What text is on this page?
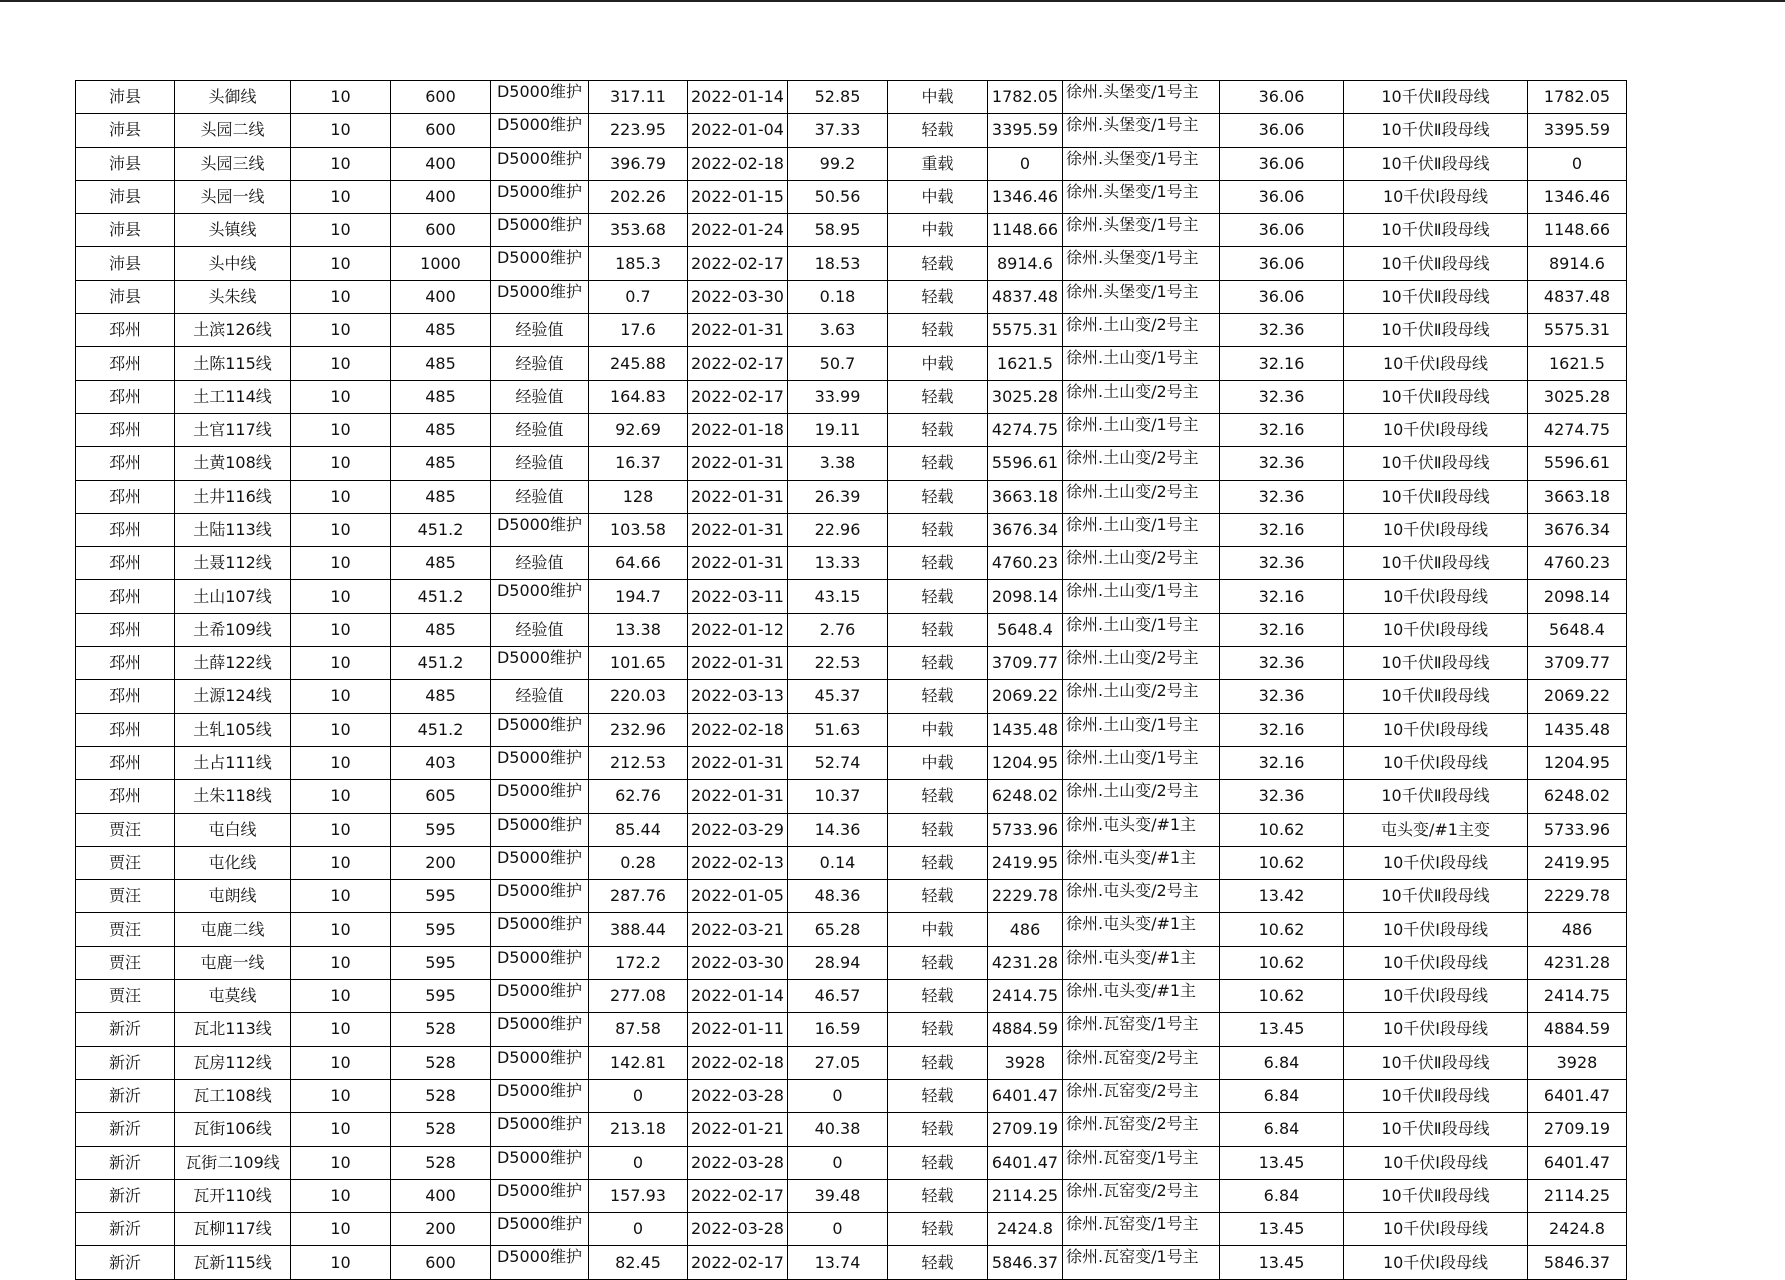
沛县	头御线	10	600	D5000维护	317.11	2022-01-14	52.85	中载	1782.05	徐州.头堡变/1号主	36.06	10千伏Ⅱ段母线	1782.05
沛县	头园二线	10	600	D5000维护	223.95	2022-01-04	37.33	轻载	3395.59	徐州.头堡变/1号主	36.06	10千伏Ⅱ段母线	3395.59
沛县	头园三线	10	400	D5000维护	396.79	2022-02-18	99.2	重载	0	徐州.头堡变/1号主	36.06	10千伏Ⅱ段母线	0
沛县	头园一线	10	400	D5000维护	202.26	2022-01-15	50.56	中载	1346.46	徐州.头堡变/1号主	36.06	10千伏Ⅰ段母线	1346.46
沛县	头镇线	10	600	D5000维护	353.68	2022-01-24	58.95	中载	1148.66	徐州.头堡变/1号主	36.06	10千伏Ⅱ段母线	1148.66
沛县	头中线	10	1000	D5000维护	185.3	2022-02-17	18.53	轻载	8914.6	徐州.头堡变/1号主	36.06	10千伏Ⅱ段母线	8914.6
沛县	头朱线	10	400	D5000维护	0.7	2022-03-30	0.18	轻载	4837.48	徐州.头堡变/1号主	36.06	10千伏Ⅱ段母线	4837.48
邳州	土滨126线	10	485	经验值	17.6	2022-01-31	3.63	轻载	5575.31	徐州.土山变/2号主	32.36	10千伏Ⅱ段母线	5575.31
邳州	土陈115线	10	485	经验值	245.88	2022-02-17	50.7	中载	1621.5	徐州.土山变/1号主	32.16	10千伏Ⅰ段母线	1621.5
邳州	土工114线	10	485	经验值	164.83	2022-02-17	33.99	轻载	3025.28	徐州.土山变/2号主	32.36	10千伏Ⅱ段母线	3025.28
邳州	土官117线	10	485	经验值	92.69	2022-01-18	19.11	轻载	4274.75	徐州.土山变/1号主	32.16	10千伏Ⅰ段母线	4274.75
邳州	土黄108线	10	485	经验值	16.37	2022-01-31	3.38	轻载	5596.61	徐州.土山变/2号主	32.36	10千伏Ⅱ段母线	5596.61
邳州	土井116线	10	485	经验值	128	2022-01-31	26.39	轻载	3663.18	徐州.土山变/2号主	32.36	10千伏Ⅱ段母线	3663.18
邳州	土陆113线	10	451.2	D5000维护	103.58	2022-01-31	22.96	轻载	3676.34	徐州.土山变/1号主	32.16	10千伏Ⅰ段母线	3676.34
邳州	土聂112线	10	485	经验值	64.66	2022-01-31	13.33	轻载	4760.23	徐州.土山变/2号主	32.36	10千伏Ⅱ段母线	4760.23
邳州	土山107线	10	451.2	D5000维护	194.7	2022-03-11	43.15	轻载	2098.14	徐州.土山变/1号主	32.16	10千伏Ⅰ段母线	2098.14
邳州	土希109线	10	485	经验值	13.38	2022-01-12	2.76	轻载	5648.4	徐州.土山变/1号主	32.16	10千伏Ⅰ段母线	5648.4
邳州	土薛122线	10	451.2	D5000维护	101.65	2022-01-31	22.53	轻载	3709.77	徐州.土山变/2号主	32.36	10千伏Ⅱ段母线	3709.77
邳州	土源124线	10	485	经验值	220.03	2022-03-13	45.37	轻载	2069.22	徐州.土山变/2号主	32.36	10千伏Ⅱ段母线	2069.22
邳州	土轧105线	10	451.2	D5000维护	232.96	2022-02-18	51.63	中载	1435.48	徐州.土山变/1号主	32.16	10千伏Ⅰ段母线	1435.48
邳州	土占111线	10	403	D5000维护	212.53	2022-01-31	52.74	中载	1204.95	徐州.土山变/1号主	32.16	10千伏Ⅰ段母线	1204.95
邳州	土朱118线	10	605	D5000维护	62.76	2022-01-31	10.37	轻载	6248.02	徐州.土山变/2号主	32.36	10千伏Ⅱ段母线	6248.02
贾汪	屯白线	10	595	D5000维护	85.44	2022-03-29	14.36	轻载	5733.96	徐州.屯头变/#1主	10.62	屯头变/#1主变	5733.96
贾汪	屯化线	10	200	D5000维护	0.28	2022-02-13	0.14	轻载	2419.95	徐州.屯头变/#1主	10.62	10千伏Ⅰ段母线	2419.95
贾汪	屯朗线	10	595	D5000维护	287.76	2022-01-05	48.36	轻载	2229.78	徐州.屯头变/2号主	13.42	10千伏Ⅱ段母线	2229.78
贾汪	屯鹿二线	10	595	D5000维护	388.44	2022-03-21	65.28	中载	486	徐州.屯头变/#1主	10.62	10千伏Ⅰ段母线	486
贾汪	屯鹿一线	10	595	D5000维护	172.2	2022-03-30	28.94	轻载	4231.28	徐州.屯头变/#1主	10.62	10千伏Ⅰ段母线	4231.28
贾汪	屯莫线	10	595	D5000维护	277.08	2022-01-14	46.57	轻载	2414.75	徐州.屯头变/#1主	10.62	10千伏Ⅰ段母线	2414.75
新沂	瓦北113线	10	528	D5000维护	87.58	2022-01-11	16.59	轻载	4884.59	徐州.瓦窑变/1号主	13.45	10千伏Ⅰ段母线	4884.59
新沂	瓦房112线	10	528	D5000维护	142.81	2022-02-18	27.05	轻载	3928	徐州.瓦窑变/2号主	6.84	10千伏Ⅱ段母线	3928
新沂	瓦工108线	10	528	D5000维护	0	2022-03-28	0	轻载	6401.47	徐州.瓦窑变/2号主	6.84	10千伏Ⅱ段母线	6401.47
新沂	瓦街106线	10	528	D5000维护	213.18	2022-01-21	40.38	轻载	2709.19	徐州.瓦窑变/2号主	6.84	10千伏Ⅱ段母线	2709.19
新沂	瓦街二109线	10	528	D5000维护	0	2022-03-28	0	轻载	6401.47	徐州.瓦窑变/1号主	13.45	10千伏Ⅰ段母线	6401.47
新沂	瓦开110线	10	400	D5000维护	157.93	2022-02-17	39.48	轻载	2114.25	徐州.瓦窑变/2号主	6.84	10千伏Ⅱ段母线	2114.25
新沂	瓦柳117线	10	200	D5000维护	0	2022-03-28	0	轻载	2424.8	徐州.瓦窑变/1号主	13.45	10千伏Ⅰ段母线	2424.8
新沂	瓦新115线	10	600	D5000维护	82.45	2022-02-17	13.74	轻载	5846.37	徐州.瓦窑变/1号主	13.45	10千伏Ⅰ段母线	5846.37
